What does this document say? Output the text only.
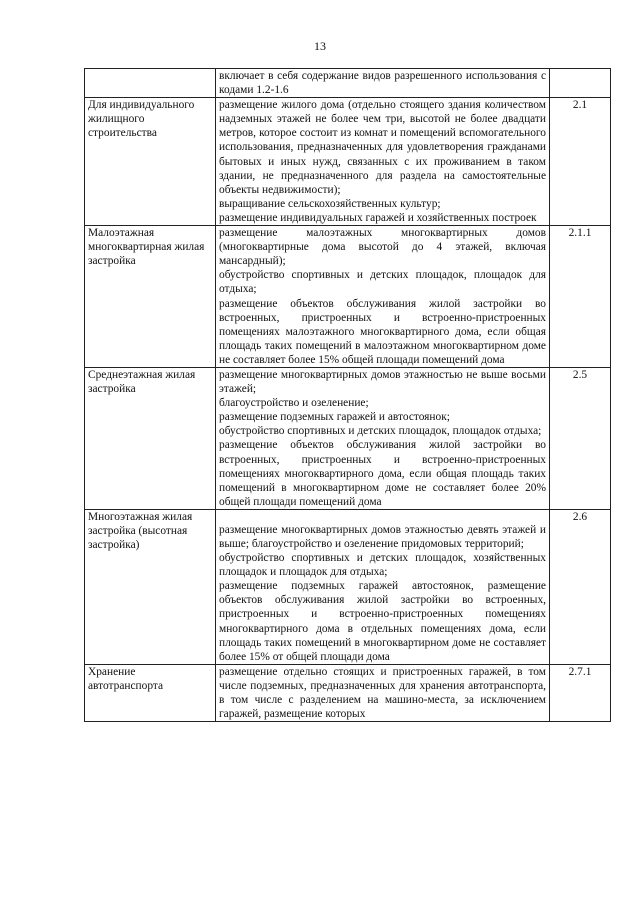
13

	включает в себя содержание видов разрешенного использования с кодами 1.2-1.6	

Для индивидуального жилищного строительства	размещение жилого дома (отдельно стоящего здания количеством надземных этажей не более чем три, высотой не более двадцати метров, которое состоит из комнат и помещений вспомогательного использования, предназначенных для удовлетворения гражданами бытовых и иных нужд, связанных с их проживанием в таком здании, не предназначенного для раздела на самостоятельные объекты недвижимости);
выращивание сельскохозяйственных культур;
размещение индивидуальных гаражей и хозяйственных построек	2.1
Малоэтажная многоквартирная жилая застройка	размещение малоэтажных многоквартирных домов (многоквартирные дома высотой до 4 этажей, включая мансардный);
обустройство спортивных и детских площадок, площадок для отдыха;
размещение объектов обслуживания жилой застройки во встроенных, пристроенных и встроенно-пристроенных помещениях малоэтажного многоквартирного дома, если общая площадь таких помещений в малоэтажном многоквартирном доме не составляет более 15% общей площади помещений дома	2.1.1
Среднеэтажная жилая застройка	размещение многоквартирных домов этажностью не выше восьми этажей;
благоустройство и озеленение;
размещение подземных гаражей и автостоянок;
обустройство спортивных и детских площадок, площадок отдыха;
размещение объектов обслуживания жилой застройки во встроенных, пристроенных и встроенно-пристроенных помещениях многоквартирного дома, если общая площадь таких помещений в многоквартирном доме не составляет более 20% общей площади помещений дома	2.5
Многоэтажная жилая застройка (высотная застройка)	размещение многоквартирных домов этажностью девять этажей и выше; благоустройство и озеленение придомовых территорий;
обустройство спортивных и детских площадок, хозяйственных площадок и площадок для отдыха;
размещение подземных гаражей автостоянок, размещение объектов обслуживания жилой застройки во встроенных, пристроенных и встроенно-пристроенных помещениях многоквартирного дома в отдельных помещениях дома, если площадь таких помещений в многоквартирном доме не составляет более 15% от общей площади дома	2.6
Хранение автотранспорта	размещение отдельно стоящих и пристроенных гаражей, в том числе подземных, предназначенных для хранения автотранспорта, в том числе с разделением на машино-места, за исключением гаражей, размещение которых	2.7.1
